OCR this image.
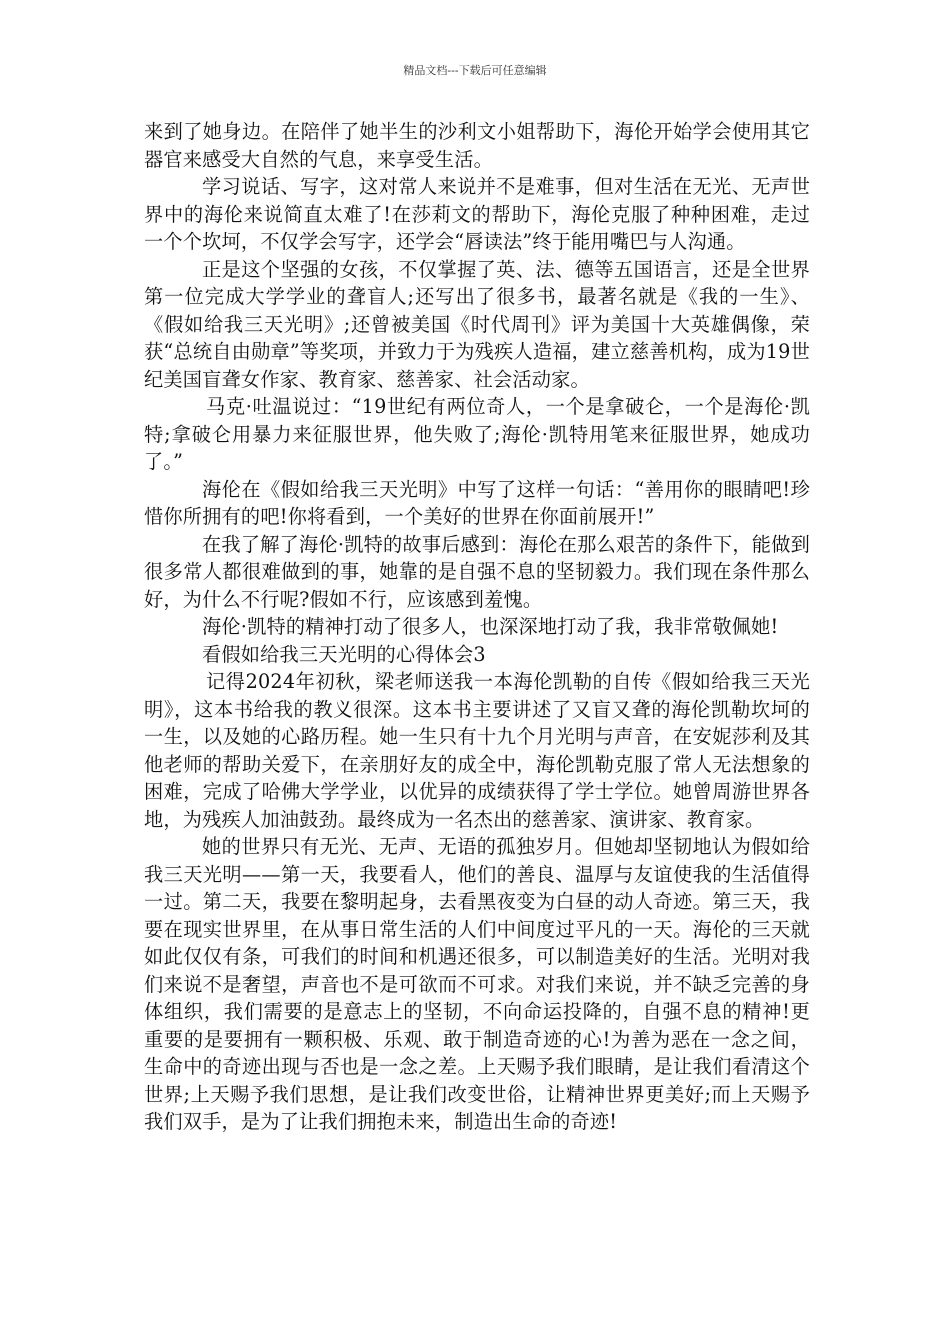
精品文档---下载后可任意编辑

来到了她身边。在陪伴了她半生的沙利文小姐帮助下，海伦开始学会使用其它器官来感受大自然的气息，来享受生活。

学习说话、写字，这对常人来说并不是难事，但对生活在无光、无声世界中的海伦来说简直太难了!在莎莉文的帮助下，海伦克服了种种困难，走过一个个坎坷，不仅学会写字，还学会“唇读法”终于能用嘴巴与人沟通。

正是这个坚强的女孩，不仅掌握了英、法、德等五国语言，还是全世界第一位完成大学学业的聋盲人;还写出了很多书，最著名就是《我的一生》、《假如给我三天光明》;还曾被美国《时代周刊》评为美国十大英雄偶像，荣获“总统自由勋章”等奖项，并致力于为残疾人造福，建立慈善机构，成为19世纪美国盲聋女作家、教育家、慈善家、社会活动家。

马克·吐温说过：“19世纪有两位奇人，一个是拿破仑，一个是海伦·凯特;拿破仑用暴力来征服世界，他失败了;海伦·凯特用笔来征服世界，她成功了。”

海伦在《假如给我三天光明》中写了这样一句话：“善用你的眼睛吧!珍惜你所拥有的吧!你将看到，一个美好的世界在你面前展开!”

在我了解了海伦·凯特的故事后感到：海伦在那么艰苦的条件下，能做到很多常人都很难做到的事，她靠的是自强不息的坚韧毅力。我们现在条件那么好，为什么不行呢?假如不行，应该感到羞愧。

海伦·凯特的精神打动了很多人，也深深地打动了我，我非常敬佩她!

看假如给我三天光明的心得体会3

记得2024年初秋，梁老师送我一本海伦凯勒的自传《假如给我三天光明》，这本书给我的教义很深。这本书主要讲述了又盲又聋的海伦凯勒坎坷的一生，以及她的心路历程。她一生只有十九个月光明与声音，在安妮莎利及其他老师的帮助关爱下，在亲朋好友的成全中，海伦凯勒克服了常人无法想象的困难，完成了哈佛大学学业，以优异的成绩获得了学士学位。她曾周游世界各地，为残疾人加油鼓劲。最终成为一名杰出的慈善家、演讲家、教育家。

她的世界只有无光、无声、无语的孤独岁月。但她却坚韧地认为假如给我三天光明——第一天，我要看人，他们的善良、温厚与友谊使我的生活值得一过。第二天，我要在黎明起身，去看黑夜变为白昼的动人奇迹。第三天，我要在现实世界里，在从事日常生活的人们中间度过平凡的一天。海伦的三天就如此仅仅有条，可我们的时间和机遇还很多，可以制造美好的生活。光明对我们来说不是奢望，声音也不是可欲而不可求。对我们来说，并不缺乏完善的身体组织，我们需要的是意志上的坚韧，不向命运投降的，自强不息的精神!更重要的是要拥有一颗积极、乐观、敢于制造奇迹的心!为善为恶在一念之间，生命中的奇迹出现与否也是一念之差。上天赐予我们眼睛，是让我们看清这个世界;上天赐予我们思想，是让我们改变世俗，让精神世界更美好;而上天赐予我们双手，是为了让我们拥抱未来，制造出生命的奇迹!
